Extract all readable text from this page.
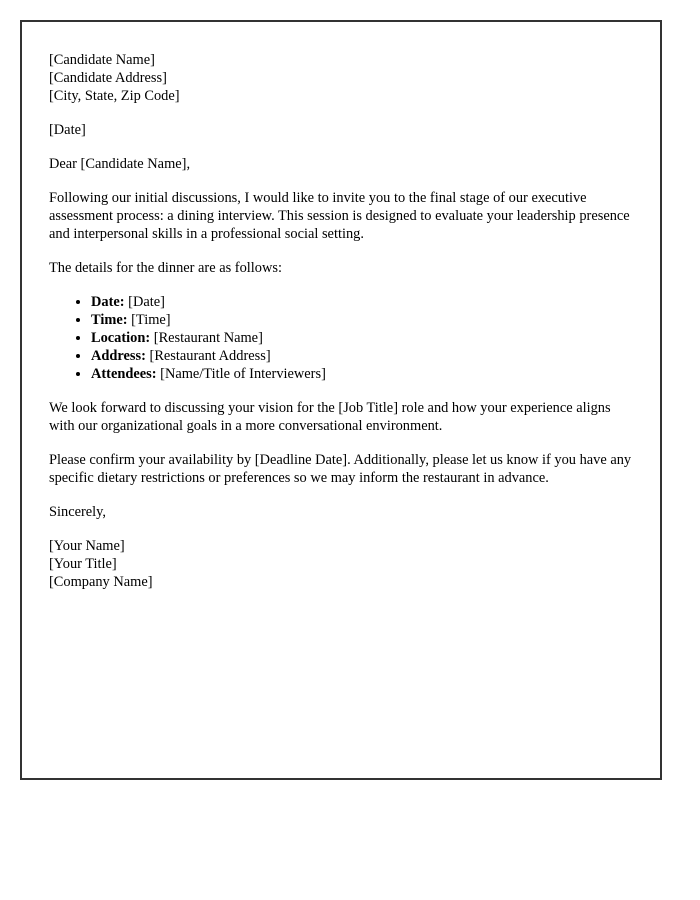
[Candidate Name]
[Candidate Address]
[City, State, Zip Code]

[Date]

Dear [Candidate Name],

Following our initial discussions, I would like to invite you to the final stage of our executive assessment process: a dining interview. This session is designed to evaluate your leadership presence and interpersonal skills in a professional social setting.

The details for the dinner are as follows:

• Date: [Date]
• Time: [Time]
• Location: [Restaurant Name]
• Address: [Restaurant Address]
• Attendees: [Name/Title of Interviewers]

We look forward to discussing your vision for the [Job Title] role and how your experience aligns with our organizational goals in a more conversational environment.

Please confirm your availability by [Deadline Date]. Additionally, please let us know if you have any specific dietary restrictions or preferences so we may inform the restaurant in advance.

Sincerely,

[Your Name]
[Your Title]
[Company Name]
